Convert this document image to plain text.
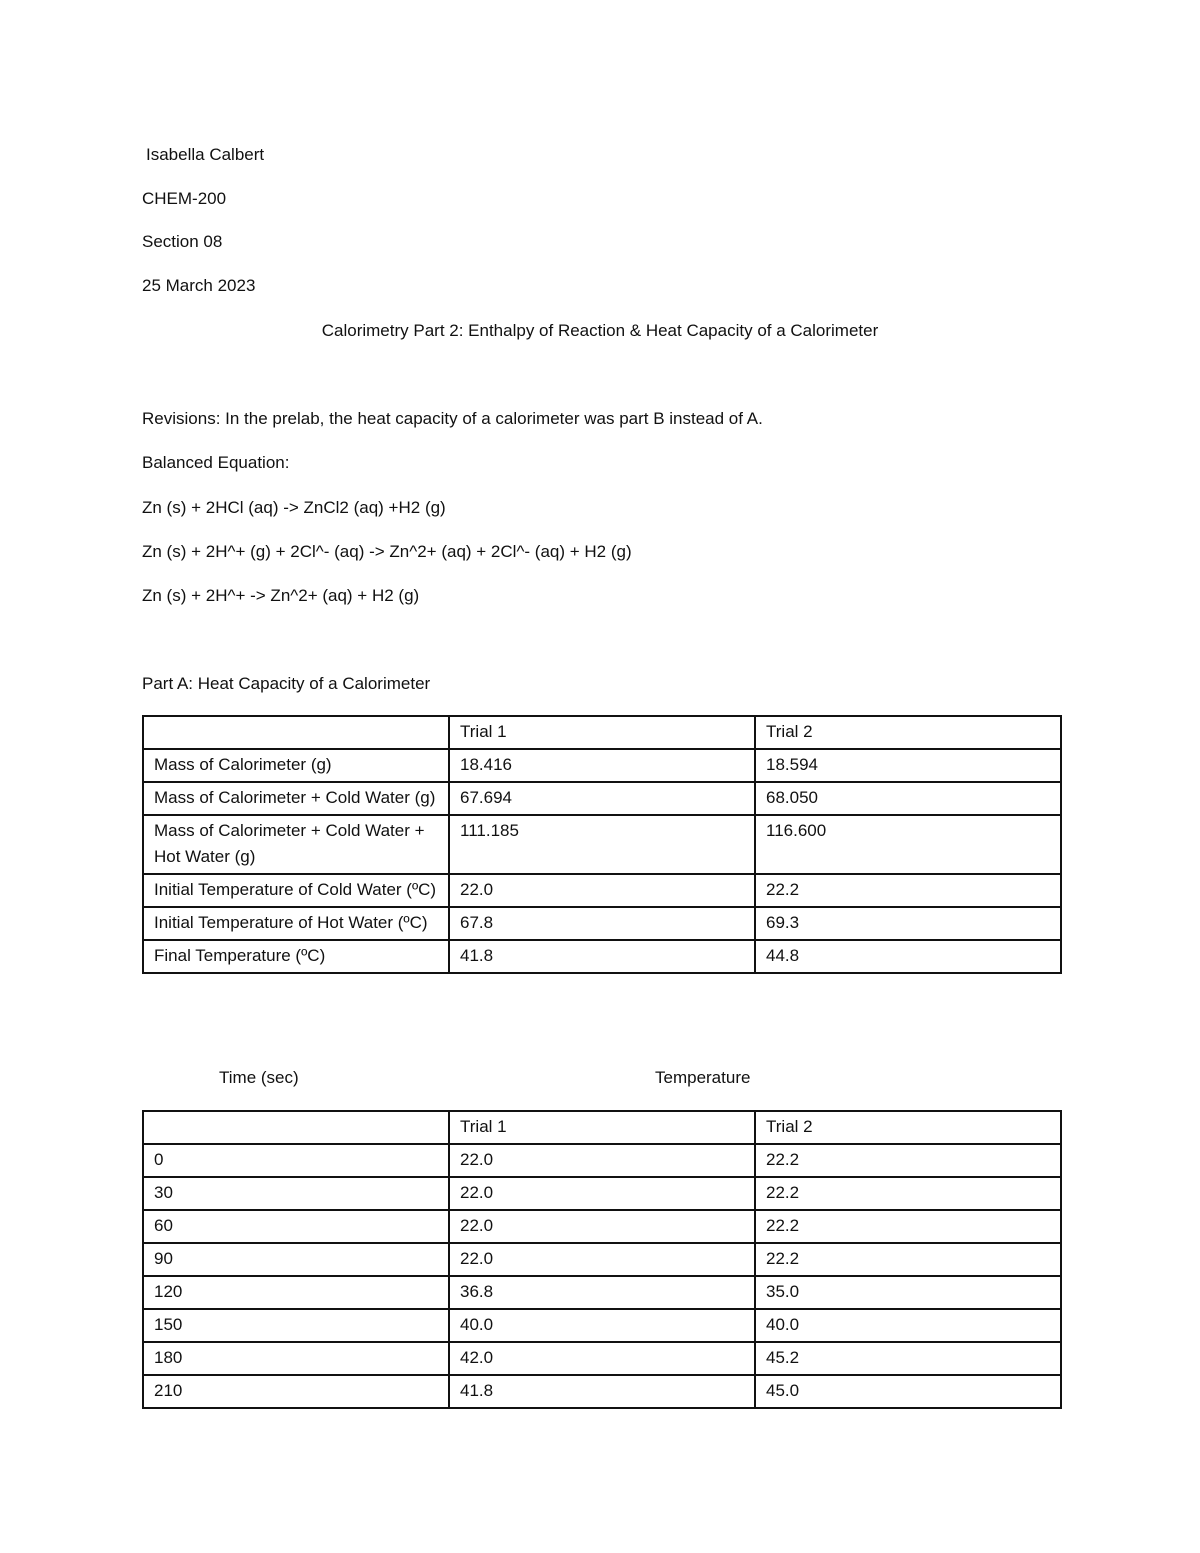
Isabella Calbert
CHEM-200
Section 08
25 March 2023
Calorimetry Part 2: Enthalpy of Reaction & Heat Capacity of a Calorimeter
Revisions: In the prelab, the heat capacity of a calorimeter was part B instead of A.
Balanced Equation:
Zn (s) + 2HCl (aq) -> ZnCl2 (aq) +H2 (g)
Zn (s) + 2H^+ (g) + 2Cl^- (aq) -> Zn^2+ (aq) + 2Cl^- (aq) + H2 (g)
Zn (s) + 2H^+ -> Zn^2+ (aq) + H2 (g)
Part A: Heat Capacity of a Calorimeter
	Trial 1	Trial 2
Mass of Calorimeter (g)	18.416	18.594
Mass of Calorimeter + Cold Water (g)	67.694	68.050
Mass of Calorimeter + Cold Water + Hot Water (g)	111.185	116.600
Initial Temperature of Cold Water (ºC)	22.0	22.2
Initial Temperature of Hot Water (ºC)	67.8	69.3
Final Temperature (ºC)	41.8	44.8
Time (sec)	Temperature
	Trial 1	Trial 2
0	22.0	22.2
30	22.0	22.2
60	22.0	22.2
90	22.0	22.2
120	36.8	35.0
150	40.0	40.0
180	42.0	45.2
210	41.8	45.0
